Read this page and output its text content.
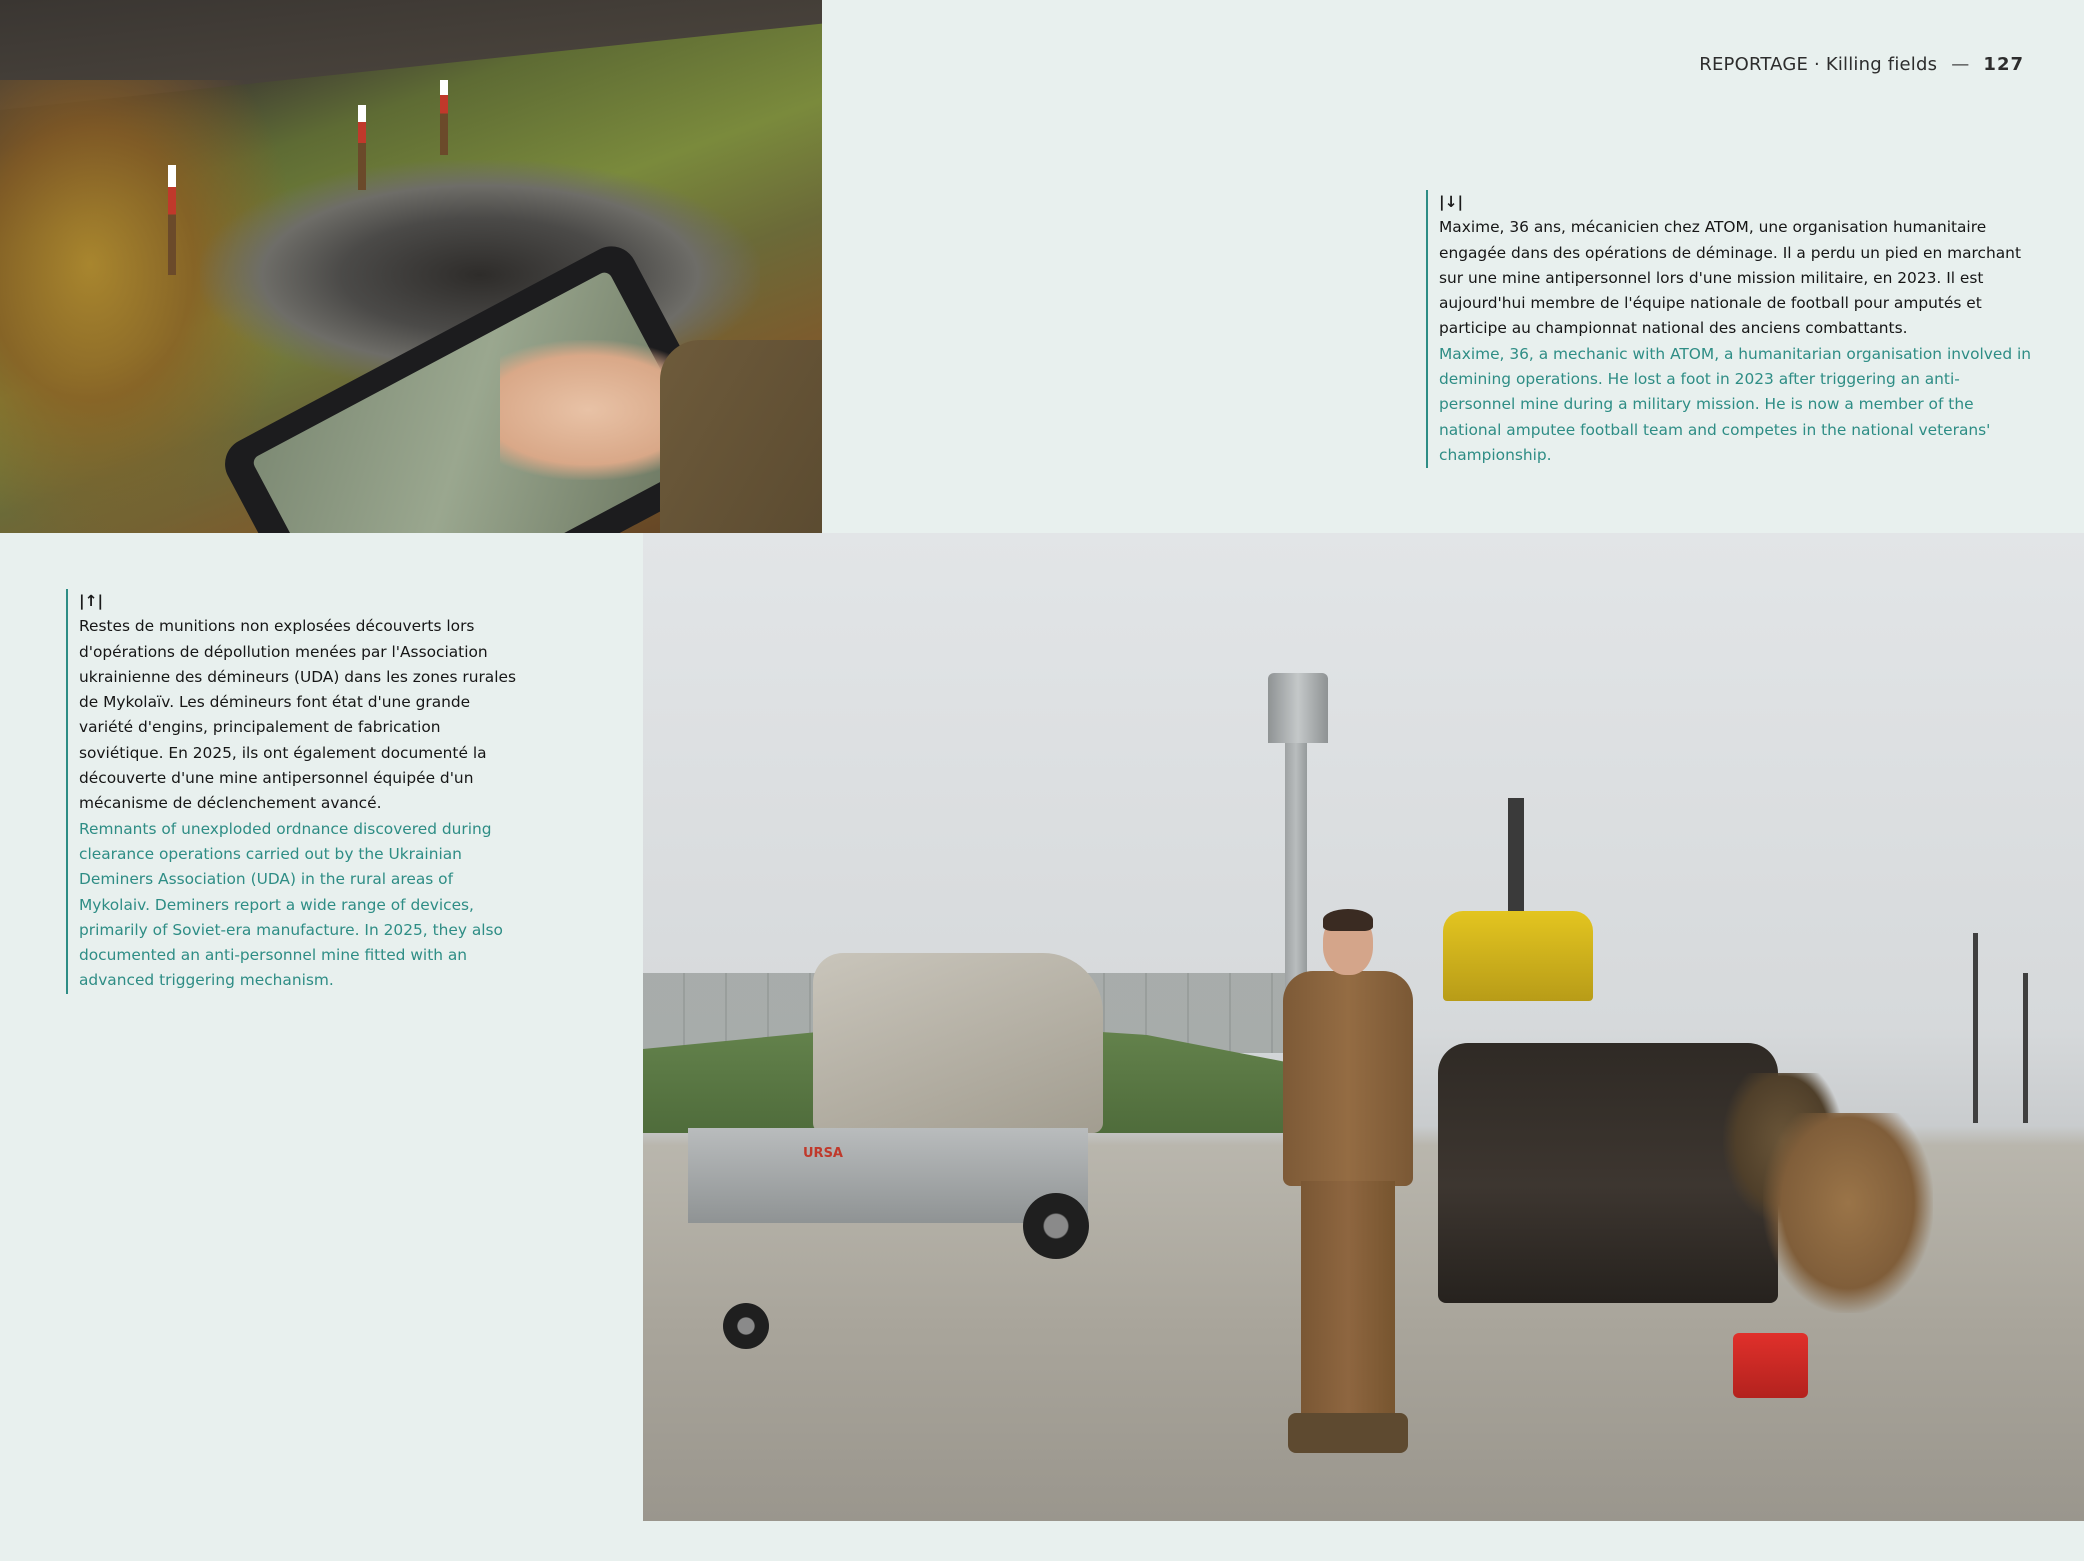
REPORTAGE · Killing fields — 127
|↓|
Maxime, 36 ans, mécanicien chez ATOM, une organisation humanitaire engagée dans des opérations de déminage. Il a perdu un pied en marchant sur une mine antipersonnel lors d'une mission militaire, en 2023. Il est aujourd'hui membre de l'équipe nationale de football pour amputés et participe au championnat national des anciens combattants.
Maxime, 36, a mechanic with ATOM, a humanitarian organisation involved in demining operations. He lost a foot in 2023 after triggering an anti-personnel mine during a military mission. He is now a member of the national amputee football team and competes in the national veterans' championship.
|↑|
Restes de munitions non explosées découverts lors d'opérations de dépollution menées par l'Association ukrainienne des démineurs (UDA) dans les zones rurales de Mykolaïv. Les démineurs font état d'une grande variété d'engins, principalement de fabrication soviétique. En 2025, ils ont également documenté la découverte d'une mine antipersonnel équipée d'un mécanisme de déclenchement avancé.
Remnants of unexploded ordnance discovered during clearance operations carried out by the Ukrainian Deminers Association (UDA) in the rural areas of Mykolaiv. Deminers report a wide range of devices, primarily of Soviet-era manufacture. In 2025, they also documented an anti-personnel mine fitted with an advanced triggering mechanism.
URSA
